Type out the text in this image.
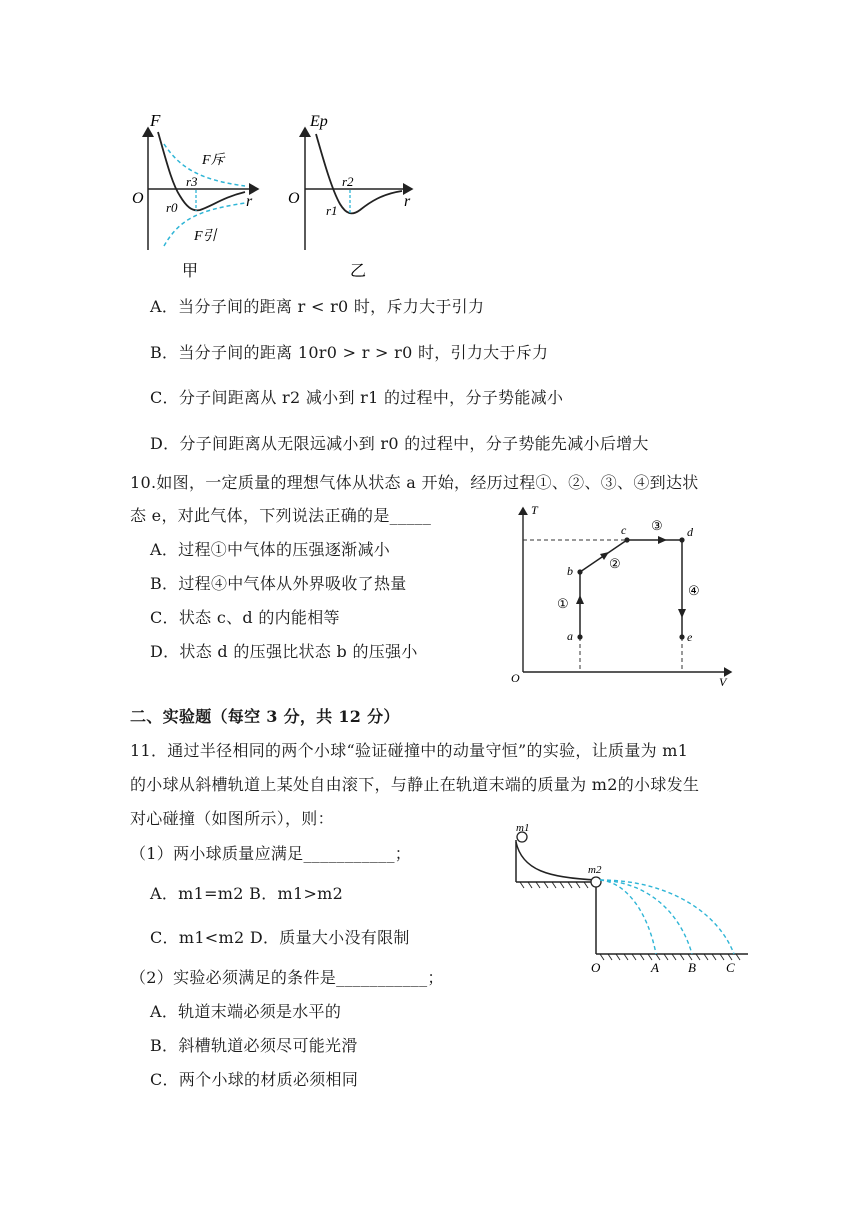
F
O	r
r3
r0
F斥
F引
甲
Ep
O	r
r2
r1
乙
A．当分子间的距离 r < r0 时，斥力大于引力
B．当分子间的距离 10r0 > r > r0 时，引力大于斥力
C．分子间距离从 r2 减小到 r1 的过程中，分子势能减小
D．分子间距离从无限远减小到 r0 的过程中，分子势能先减小后增大
10.如图，一定质量的理想气体从状态 a 开始，经历过程①、②、③、④到达状
态 e，对此气体，下列说法正确的是_____
A．过程①中气体的压强逐渐减小
B．过程④中气体从外界吸收了热量
C．状态 c、d 的内能相等
D．状态 d 的压强比状态 b 的压强小
T
V
O
a
b
c	d
e
①
②
③
④
二、实验题（每空 3 分，共 12 分）
11．通过半径相同的两个小球“验证碰撞中的动量守恒”的实验，让质量为 m1
的小球从斜槽轨道上某处自由滚下，与静止在轨道末端的质量为 m2的小球发生
对心碰撞（如图所示），则：
（1）两小球质量应满足___________；
A．m1=m2 B．m1>m2
C．m1<m2 D．质量大小没有限制
（2）实验必须满足的条件是___________；
A．轨道末端必须是水平的
B．斜槽轨道必须尽可能光滑
C．两个小球的材质必须相同
m1
m2
O	A B C
